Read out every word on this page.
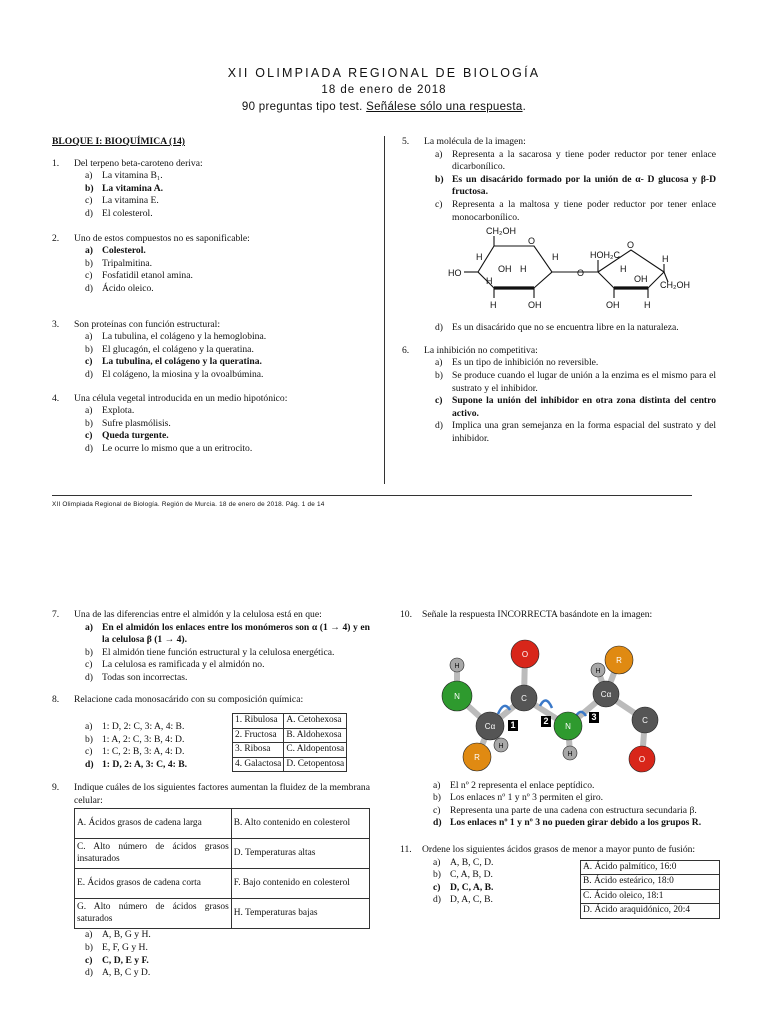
XII OLIMPIADA REGIONAL DE BIOLOGÍA
18 de enero de 2018
90 preguntas tipo test. Señálese sólo una respuesta.
BLOQUE I: BIOQUÍMICA (14)
1.	Del terpeno beta-caroteno deriva:
a) La vitamina B₁.
b) La vitamina A.
c) La vitamina E.
d) El colesterol.
2.	Uno de estos compuestos no es saponificable:
a) Colesterol.
b) Tripalmitina.
c) Fosfatidil etanol amina.
d) Ácido oleico.
3.	Son proteínas con función estructural:
a) La tubulina, el colágeno y la hemoglobina.
b) El glucagón, el colágeno y la queratina.
c) La tubulina, el colágeno y la queratina.
d) El colágeno, la miosina y la ovoalbúmina.
4.	Una célula vegetal introducida en un medio hipotónico:
a) Explota.
b) Sufre plasmólisis.
c) Queda turgente.
d) Le ocurre lo mismo que a un eritrocito.
5.	La molécula de la imagen:
a) Representa a la sacarosa y tiene poder reductor por tener enlace dicarbonílico.
b) Es un disacárido formado por la unión de α- D glucosa y β-D fructosa.
c) Representa a la maltosa y tiene poder reductor por tener enlace monocarbonílico.
CH₂OH
O
H	H
OH H
HO
H
H	OH
O
HOH₂C
O
H
H
OH
CH₂OH
OH	H
d) Es un disacárido que no se encuentra libre en la naturaleza.
6.	La inhibición no competitiva:
a) Es un tipo de inhibición no reversible.
b) Se produce cuando el lugar de unión a la enzima es el mismo para el sustrato y el inhibidor.
c) Supone la unión del inhibidor en otra zona distinta del centro activo.
d) Implica una gran semejanza en la forma espacial del sustrato y del inhibidor.
XII Olimpiada Regional de Biología. Región de Murcia. 18 de enero de 2018. Pág. 1 de 14
7.	Una de las diferencias entre el almidón y la celulosa está en que:
a) En el almidón los enlaces entre los monómeros son α (1 → 4) y en la celulosa β (1 → 4).
b) El almidón tiene función estructural y la celulosa energética.
c) La celulosa es ramificada y el almidón no.
d) Todas son incorrectas.
8.	Relacione cada monosacárido con su composición química:
a) 1: D, 2: C, 3: A, 4: B.
b) 1: A, 2: C, 3: B, 4: D.
c) 1: C, 2: B, 3: A, 4: D.
d) 1: D, 2: A, 3: C, 4: B.
1. Ribulosa	A. Cetohexosa
2. Fructosa	B. Aldohexosa
3. Ribosa	C. Aldopentosa
4. Galactosa	D. Cetopentosa
9.	Indique cuáles de los siguientes factores aumentan la fluidez de la membrana celular:
A. Ácidos grasos de cadena larga	B. Alto contenido en colesterol
C. Alto número de ácidos grasos insaturados	D. Temperaturas altas
E. Ácidos grasos de cadena corta	F. Bajo contenido en colesterol
G. Alto número de ácidos grasos saturados	H. Temperaturas bajas
a) A, B, G y H.
b) E, F, G y H.
c) C, D, E y F.
d) A, B, C y D.
10.	Señale la respuesta INCORRECTA basándote en la imagen:
H
N
Cα
R
H
C
O
N
H
Cα
H
R
C
O
1	2	3
a) El nº 2 representa el enlace peptídico.
b) Los enlaces nº 1 y nº 3 permiten el giro.
c) Representa una parte de una cadena con estructura secundaria β.
d) Los enlaces nº 1 y nº 3 no pueden girar debido a los grupos R.
11.	Ordene los siguientes ácidos grasos de menor a mayor punto de fusión:
a) A, B, C, D.
b) C, A, B, D.
c) D, C, A, B.
d) D, A, C, B.
A. Ácido palmítico, 16:0
B. Ácido esteárico, 18:0
C. Ácido oleico, 18:1
D. Ácido araquidónico, 20:4
